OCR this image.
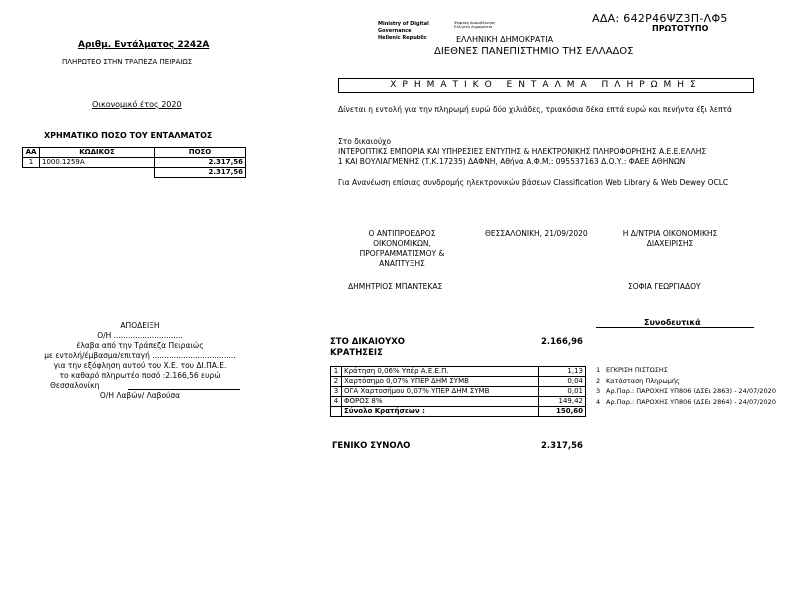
ΑΔΑ: 642Ρ46ΨΖ3Π-ΛΦ5
ΠΡΩΤΟΤΥΠΟ
Ministry of Digital
Governance
Hellenic Republic
Ψηφιακή Διακυβέρνηση Ελληνική Δημοκρατία
ΕΛΛΗΝΙΚΗ ΔΗΜΟΚΡΑΤΙΑ
ΔΙΕΘΝΕΣ ΠΑΝΕΠΙΣΤΗΜΙΟ ΤΗΣ ΕΛΛΑΔΟΣ
Αριθμ. Εντάλματος 2242Α
ΠΛΗΡΩΤΕΟ ΣΤΗΝ ΤΡΑΠΕΖΑ ΠΕΙΡΑΙΩΣ
ΧΡΗΜΑΤΙΚΟ ΕΝΤΑΛΜΑ ΠΛΗΡΩΜΗΣ
Οικονομικό έτος 2020
Δίνεται η εντολή για την πληρωμή ευρώ δύο χιλιάδες, τριακόσια δέκα επτά ευρώ και πενήντα έξι λεπτά
ΧΡΗΜΑΤΙΚΟ ΠΟΣΟ ΤΟΥ ΕΝΤΑΛΜΑΤΟΣ
ΑΑ	ΚΩΔΙΚΟΣ	ΠΟΣΟ
1	1000.1259A	2.317,56
		2.317,56
Στο δικαιούχο
ΙΝΤΕΡΟΠΤΙΚΣ ΕΜΠΟΡΙΑ ΚΑΙ ΥΠΗΡΕΣΙΕΣ ΕΝΤΥΠΗΣ & ΗΛΕΚΤΡΟΝΙΚΗΣ ΠΛΗΡΟΦΟΡΗΣΗΣ Α.Ε.Ε.ΕΛΛΗΣ
1 ΚΑΙ ΒΟΥΛΙΑΓΜΕΝΗΣ (Τ.Κ.17235) ΔΑΦΝΗ, Αθήνα Α.Φ.Μ.: 095537163 Δ.Ο.Υ.: ΦΑΕΕ ΑΘΗΝΩΝ
Για Ανανέωση επίσιας συνδρομής ηλεκτρονικών βάσεων Classification Web Library & Web Dewey OCLC
Ο ΑΝΤΙΠΡΟΕΔΡΟΣ ΟΙΚΟΝΟΜΙΚΩΝ, ΠΡΟΓΡΑΜΜΑΤΙΣΜΟΥ & ΑΝΑΠΤΥΞΗΣ
ΘΕΣΣΑΛΟΝΙΚΗ, 21/09/2020	Η Δ/ΝΤΡΙΑ ΟΙΚΟΝΟΜΙΚΗΣ ΔΙΑΧΕΙΡΙΣΗΣ
ΔΗΜΗΤΡΙΟΣ ΜΠΑΝΤΕΚΑΣ	ΣΟΦΙΑ ΓΕΩΡΓΙΑΔΟΥ
ΑΠΟΔΕΙΞΗ
Ο/Η .............................
έλαβα από την Τράπεζα Πειραιώς
με εντολή/έμβασμα/επιταγή ...................................
για την εξόφληση αυτού του Χ.Ε. του ΔΙ.ΠΑ.Ε.
το καθαρό πληρωτέο ποσό :2.166,56 ευρώ
Θεσσαλονίκη
Ο/Η Λαβών/ Λαβούσα
ΣΤΟ ΔΙΚΑΙΟΥΧΟ
ΚΡΑΤΗΣΕΙΣ
2.166,96
1	Κράτηση 0,06% Υπέρ Α.Ε.Ε.Π.	1,13
2	Χαρτόσημο 0,07% ΥΠΕΡ ΔΗΜ ΣΥΜΒ	0,04
3	ΟΓΑ Χαρτοσήμου 0,07% ΥΠΕΡ ΔΗΜ ΣΥΜΒ	0,01
4	ΦΟΡΟΣ 8%	149,42
	Σύνολο Κρατήσεων :	150,60
ΓΕΝΙΚΟ ΣΥΝΟΛΟ	2.317,56
Συνοδευτικά
1 ΕΓΚΡΙΣΗ ΠΙΣΤΩΣΗΣ
2 Κατάσταση Πληρωμής
3 Αρ.Παρ.: ΠΑΡΟΧΗΣ ΥΠ806 (ΔΣΕι 2863) - 24/07/2020
4 Αρ.Παρ.: ΠΑΡΟΧΗΣ ΥΠ806 (ΔΣΕι 2864) - 24/07/2020
